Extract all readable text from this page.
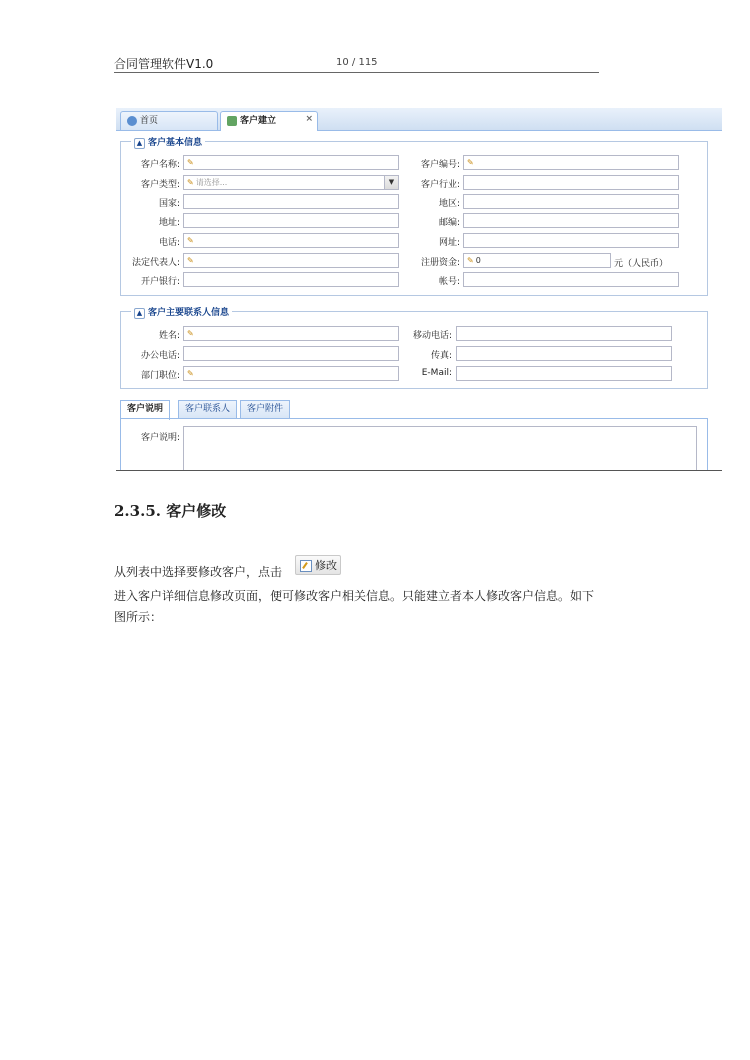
合同管理软件V1.0	10 / 115
首页	客户建立	×
▲ 客户基本信息
客户名称: ✎	客户编号: ✎
客户类型: ✎ 请选择...	▼	客户行业:
国家:	地区:
地址:	邮编:
电话: ✎	网址:
法定代表人: ✎	注册资金: ✎ 0	元（人民币）
开户银行:	帐号:
▲ 客户主要联系人信息
姓名: ✎	移动电话:
办公电话:	传真:
部门职位: ✎	E-Mail:
客户说明	客户联系人	客户附件
客户说明:
2.3.5. 客户修改
从列表中选择要修改客户，点击	修改
进入客户详细信息修改页面，便可修改客户相关信息。只能建立者本人修改客户信息。如下
图所示：
